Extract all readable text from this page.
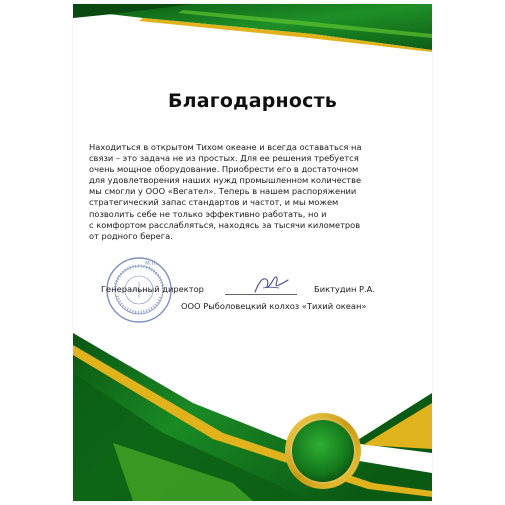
Благодарность

Находиться в открытом Тихом океане и всегда оставаться на
связи – это задача не из простых. Для ее решения требуется
очень мощное оборудование. Приобрести его в достаточном
для удовлетворения наших нужд промышленном количестве
мы смогли у ООО «Вегател». Теперь в нашем распоряжении
стратегический запас стандартов и частот, и мы можем
позволить себе не только эффективно работать, но и
с комфортом расслабляться, находясь за тысячи километров
от родного берега.

М.П.
Генеральный директор	Биктудин Р.А.
ООО Рыболовецкий колхоз «Тихий океан»
